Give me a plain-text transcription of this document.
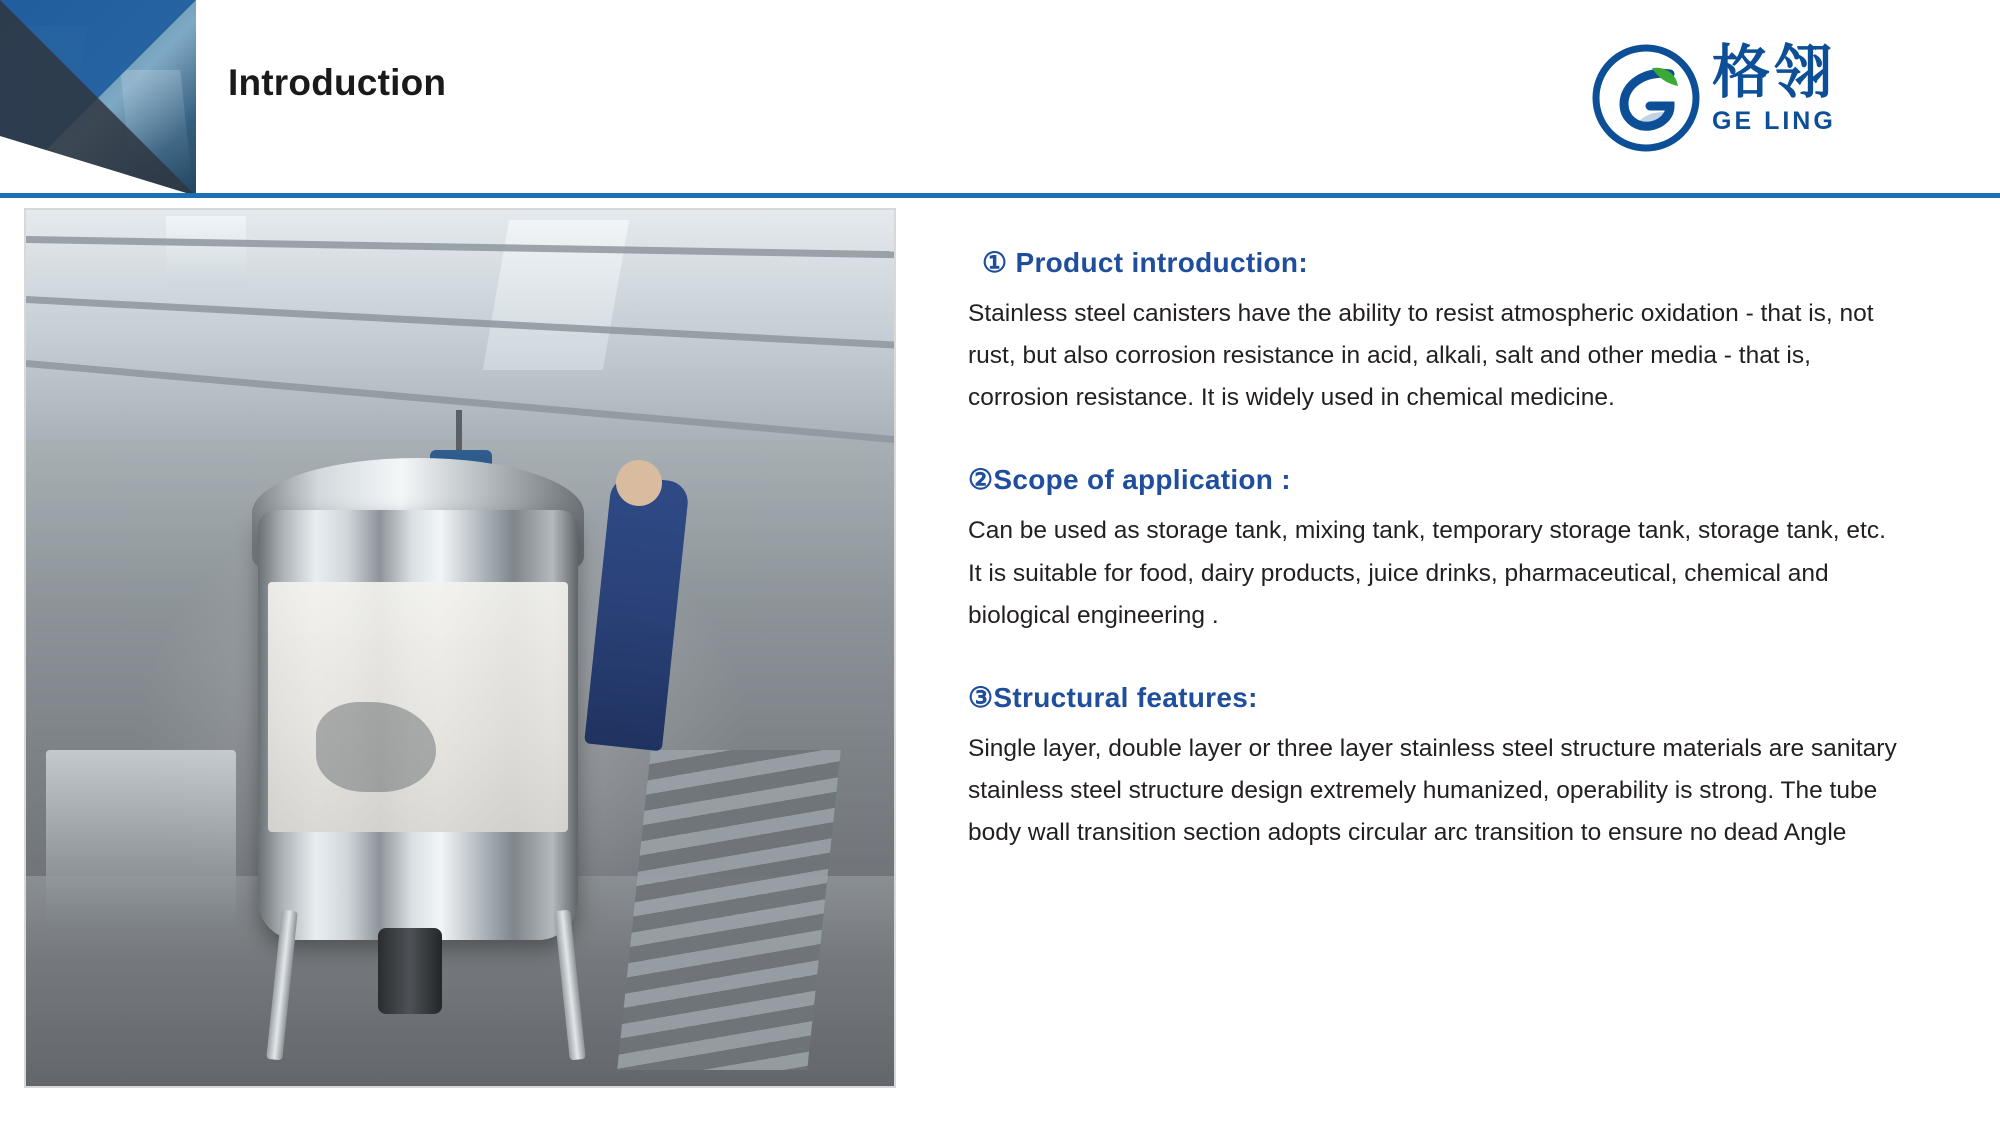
Introduction	格翎
GE LING
① Product introduction:

Stainless steel canisters have the ability to resist atmospheric oxidation - that is, not rust, but also corrosion resistance in acid, alkali, salt and other media - that is, corrosion resistance. It is widely used in chemical medicine.

②Scope of application :

Can be used as storage tank, mixing tank, temporary storage tank, storage tank, etc. It is suitable for food, dairy products, juice drinks, pharmaceutical, chemical and biological engineering .

③Structural features:

Single layer, double layer or three layer stainless steel structure materials are sanitary stainless steel structure design extremely humanized, operability is strong. The tube body wall transition section adopts circular arc transition to ensure no dead Angle
